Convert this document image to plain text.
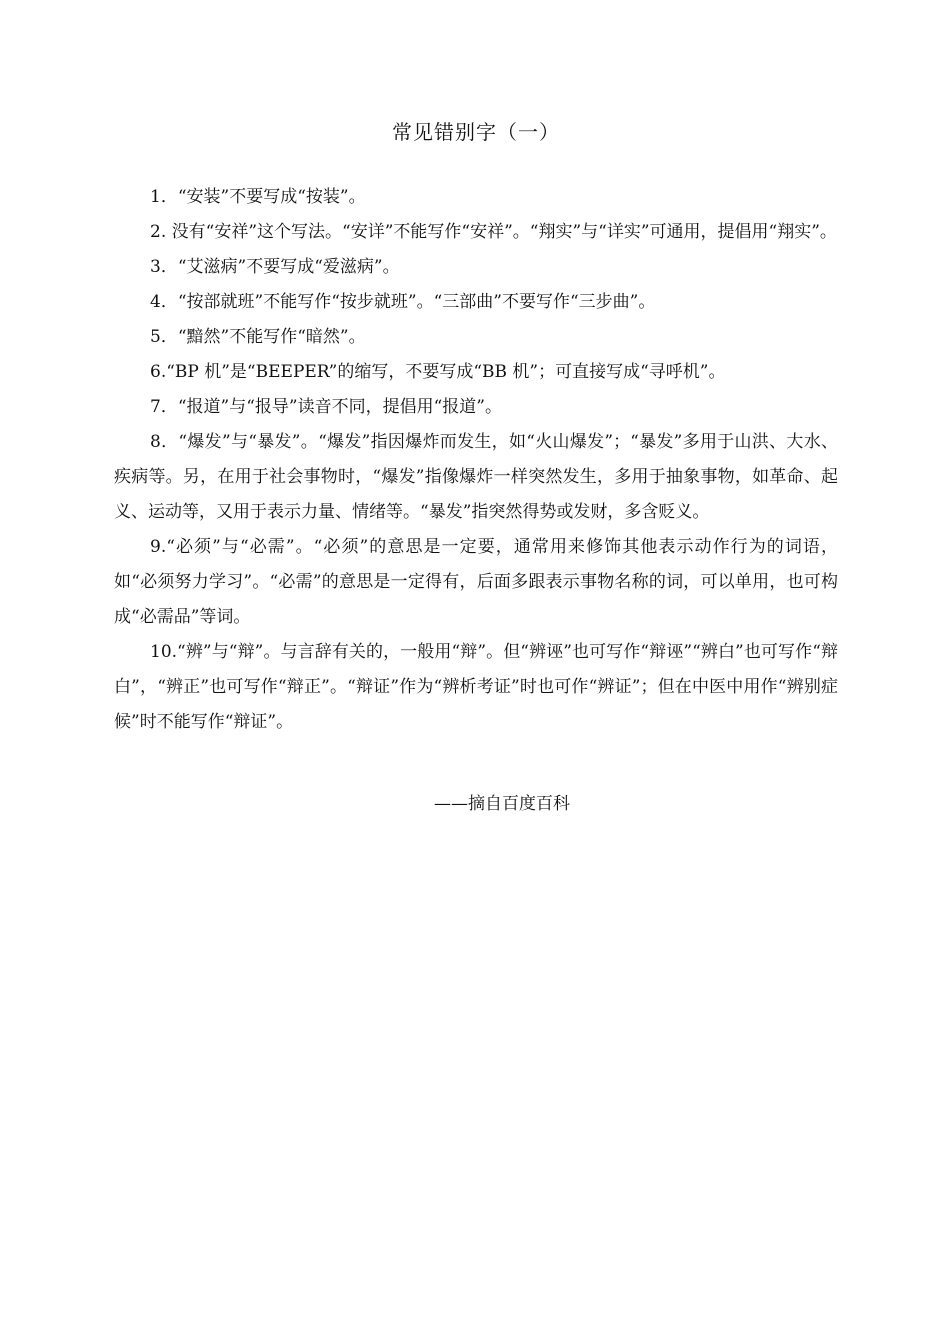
常见错别字（一）

1．“安装”不要写成“按装”。

2. 没有“安祥”这个写法。“安详”不能写作“安祥”。“翔实”与“详实”可通用，提倡用“翔实”。

3．“艾滋病”不要写成“爱滋病”。

4．“按部就班”不能写作“按步就班”。“三部曲”不要写作“三步曲”。

5．“黯然”不能写作“暗然”。

6.“BP 机”是“BEEPER”的缩写，不要写成“BB 机”；可直接写成“寻呼机”。

7．“报道”与“报导”读音不同，提倡用“报道”。

8．“爆发”与“暴发”。“爆发”指因爆炸而发生，如“火山爆发”；“暴发”多用于山洪、大水、疾病等。另，在用于社会事物时，“爆发”指像爆炸一样突然发生，多用于抽象事物，如革命、起义、运动等，又用于表示力量、情绪等。“暴发”指突然得势或发财，多含贬义。

9.“必须”与“必需”。“必须”的意思是一定要，通常用来修饰其他表示动作行为的词语，如“必须努力学习”。“必需”的意思是一定得有，后面多跟表示事物名称的词，可以单用，也可构成“必需品”等词。

10.“辨”与“辩”。与言辞有关的，一般用“辩”。但“辨诬”也可写作“辩诬”“辨白”也可写作“辩白”，“辨正”也可写作“辩正”。“辩证”作为“辨析考证”时也可作“辨证”；但在中医中用作“辨别症候”时不能写作“辩证”。

——摘自百度百科
